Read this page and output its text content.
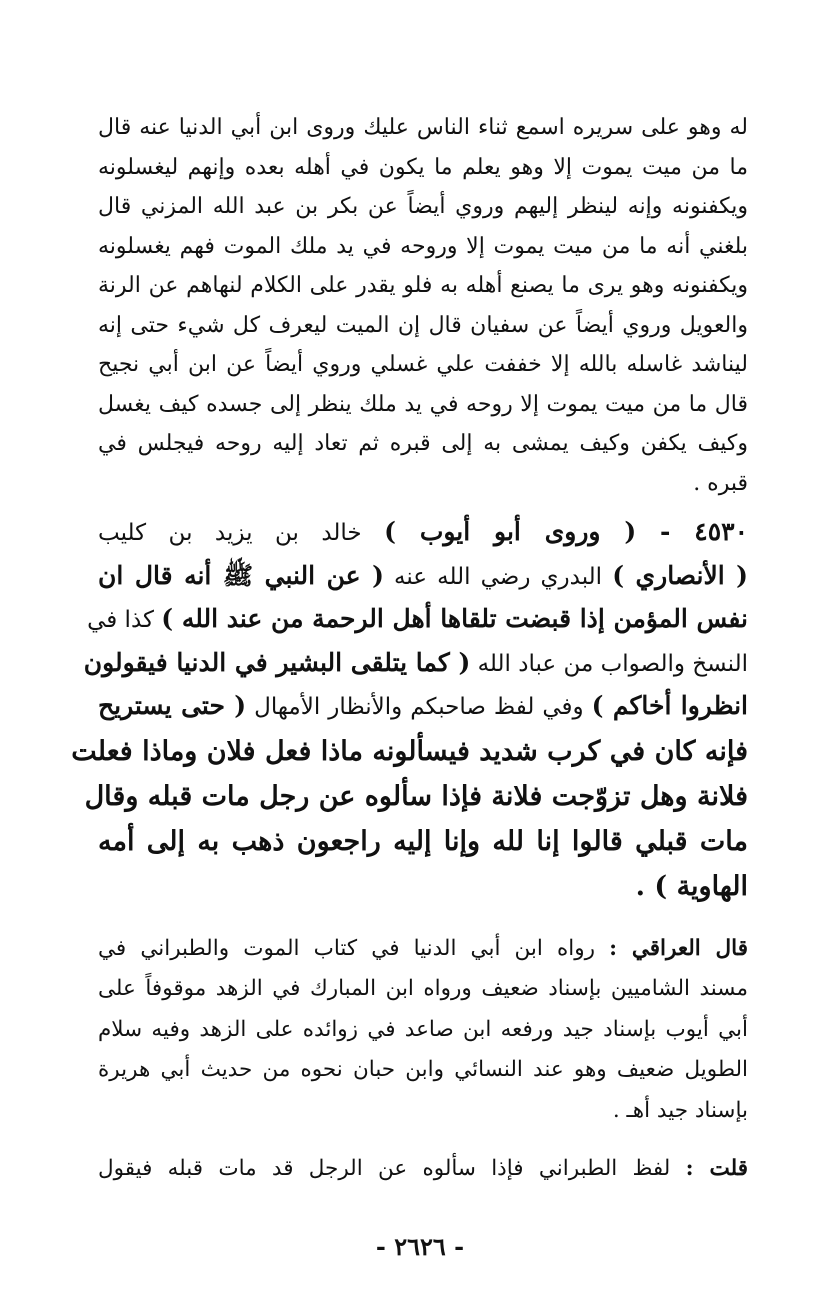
له وهو على سريره اسمع ثناء الناس عليك وروى ابن أبي الدنيا عنه قال
ما من ميت يموت إلا وهو يعلم ما يكون في أهله بعده وإنهم ليغسلونه
ويكفنونه وإنه لينظر إليهم وروي أيضاً عن بكر بن عبد الله المزني قال
بلغني أنه ما من ميت يموت إلا وروحه في يد ملك الموت فهم يغسلونه
ويكفنونه وهو يرى ما يصنع أهله به فلو يقدر على الكلام لنهاهم عن الرنة
والعويل وروي أيضاً عن سفيان قال إن الميت ليعرف كل شيء حتى إنه
ليناشد غاسله بالله إلا خففت علي غسلي وروي أيضاً عن ابن أبي نجيح
قال ما من ميت يموت إلا روحه في يد ملك ينظر إلى جسده كيف يغسل
وكيف يكفن وكيف يمشى به إلى قبره ثم تعاد إليه روحه فيجلس في
قبره .
٤٥٣٠ - ( وروى أبو أيوب ) خالد بن يزيد بن كليب
( الأنصاري ) البدري رضي الله عنه ( عن النبي ﷺ أنه قال ان
نفس المؤمن إذا قبضت تلقاها أهل الرحمة من عند الله ) كذا في
النسخ والصواب من عباد الله ( كما يتلقى البشير في الدنيا فيقولون
انظروا أخاكم ) وفي لفظ صاحبكم والأنظار الأمهال ( حتى يستريح
فإنه كان في كرب شديد فيسألونه ماذا فعل فلان وماذا فعلت
فلانة وهل تزوّجت فلانة فإذا سألوه عن رجل مات قبله وقال
مات قبلي قالوا إنا لله وإنا إليه راجعون ذهب به إلى أمه
الهاوية ) .
قال العراقي : رواه ابن أبي الدنيا في كتاب الموت والطبراني في
مسند الشاميين بإسناد ضعيف ورواه ابن المبارك في الزهد موقوفاً على
أبي أيوب بإسناد جيد ورفعه ابن صاعد في زوائده على الزهد وفيه سلام
الطويل ضعيف وهو عند النسائي وابن حبان نحوه من حديث أبي هريرة
بإسناد جيد أهـ .
قلت : لفظ الطبراني فإذا سألوه عن الرجل قد مات قبله فيقول
- ٢٦٢٦ -
